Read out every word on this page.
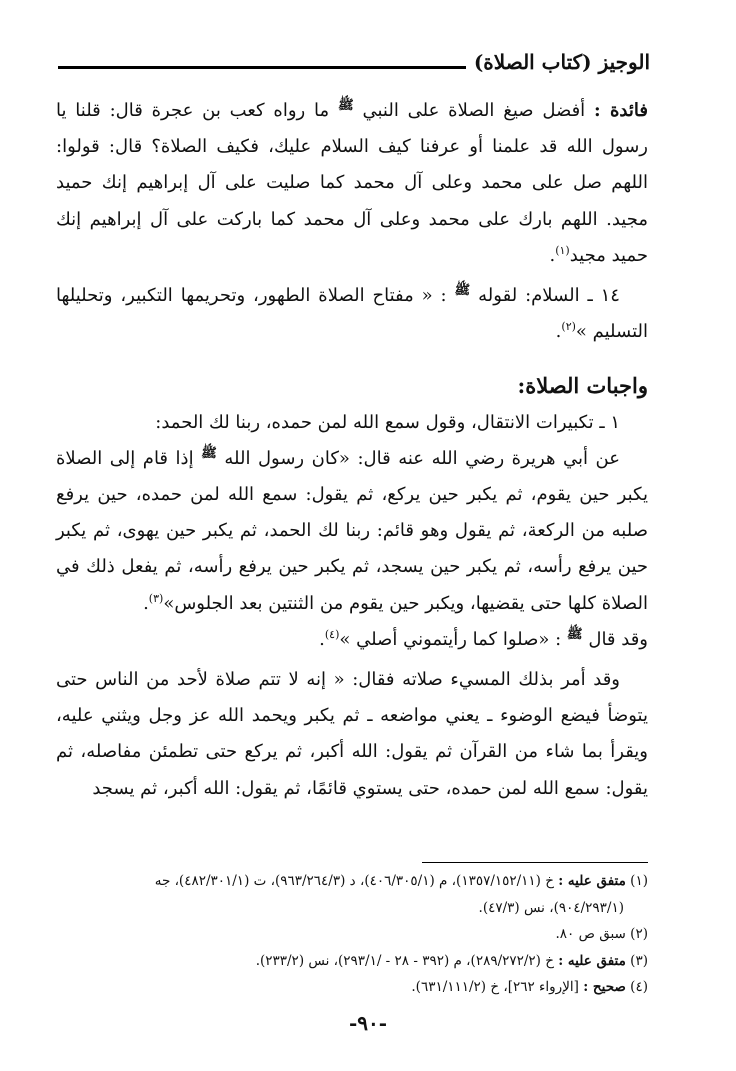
الوجيز (كتاب الصلاة)

فائدة : أفضل صيغ الصلاة على النبي $^ﷺ$ ما رواه كعب بن عجرة قال: قلنا يا رسول الله قد علمنا أو عرفنا كيف السلام عليك، فكيف الصلاة؟ قال: قولوا: اللهم صل على محمد وعلى آل محمد كما صليت على آل إبراهيم إنك حميد مجيد. اللهم بارك على محمد وعلى آل محمد كما باركت على آل إبراهيم إنك حميد مجيد$^{(١)}$.

١٤ ـ السلام: لقوله $^ﷺ$ : « مفتاح الصلاة الطهور، وتحريمها التكبير، وتحليلها التسليم »$^{(٢)}$.

واجبات الصلاة:

١ ـ تكبيرات الانتقال، وقول سمع الله لمن حمده، ربنا لك الحمد:

عن أبي هريرة رضي الله عنه قال: «كان رسول الله $^ﷺ$ إذا قام إلى الصلاة يكبر حين يقوم، ثم يكبر حين يركع، ثم يقول: سمع الله لمن حمده، حين يرفع صلبه من الركعة، ثم يقول وهو قائم: ربنا لك الحمد، ثم يكبر حين يهوى، ثم يكبر حين يرفع رأسه، ثم يكبر حين يسجد، ثم يكبر حين يرفع رأسه، ثم يفعل ذلك في الصلاة كلها حتى يقضيها، ويكبر حين يقوم من الثنتين بعد الجلوس»$^{(٣)}$.

وقد قال $^ﷺ$ : «صلوا كما رأيتموني أصلي »$^{(٤)}$.

وقد أمر بذلك المسيء صلاته فقال: « إنه لا تتم صلاة لأحد من الناس حتى يتوضأ فيضع الوضوء ـ يعني مواضعه ـ ثم يكبر ويحمد الله عز وجل ويثني عليه، ويقرأ بما شاء من القرآن ثم يقول: الله أكبر، ثم يركع حتى تطمئن مفاصله، ثم يقول: سمع الله لمن حمده، حتى يستوي قائمًا، ثم يقول: الله أكبر، ثم يسجد

(١) متفق عليه : خ (١٣٥٧/١٥٢/١١)، م (٤٠٦/٣٠٥/١)، د (٩٦٣/٢٦٤/٣)، ت (٤٨٢/٣٠١/١)، جه

(٩٠٤/٢٩٣/١)، نس (٤٧/٣).

(٢) سبق ص ٨٠.

(٣) متفق عليه : خ (٢٨٩/٢٧٢/٢)، م (٣٩٢ - ٢٨ - /٢٩٣/١)، نس (٢٣٣/٢).

(٤) صحيح : [الإرواء ٢٦٢]، خ (٦٣١/١١١/٢).

-٩٠-
